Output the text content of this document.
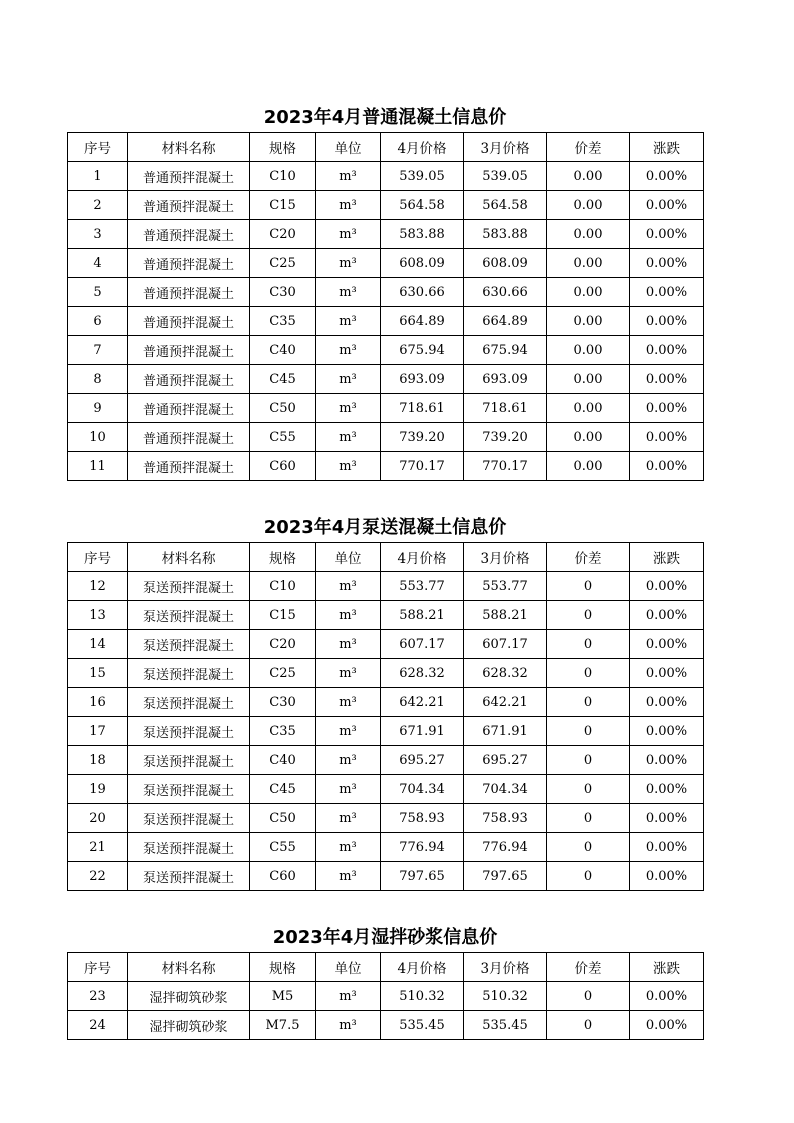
2023年4月普通混凝土信息价
序号	材料名称	规格	单位	4月价格	3月价格	价差	涨跌
1	普通预拌混凝土	C10	m³	539.05	539.05	0.00	0.00%
2	普通预拌混凝土	C15	m³	564.58	564.58	0.00	0.00%
3	普通预拌混凝土	C20	m³	583.88	583.88	0.00	0.00%
4	普通预拌混凝土	C25	m³	608.09	608.09	0.00	0.00%
5	普通预拌混凝土	C30	m³	630.66	630.66	0.00	0.00%
6	普通预拌混凝土	C35	m³	664.89	664.89	0.00	0.00%
7	普通预拌混凝土	C40	m³	675.94	675.94	0.00	0.00%
8	普通预拌混凝土	C45	m³	693.09	693.09	0.00	0.00%
9	普通预拌混凝土	C50	m³	718.61	718.61	0.00	0.00%
10	普通预拌混凝土	C55	m³	739.20	739.20	0.00	0.00%
11	普通预拌混凝土	C60	m³	770.17	770.17	0.00	0.00%
2023年4月泵送混凝土信息价
序号	材料名称	规格	单位	4月价格	3月价格	价差	涨跌
12	泵送预拌混凝土	C10	m³	553.77	553.77	0	0.00%
13	泵送预拌混凝土	C15	m³	588.21	588.21	0	0.00%
14	泵送预拌混凝土	C20	m³	607.17	607.17	0	0.00%
15	泵送预拌混凝土	C25	m³	628.32	628.32	0	0.00%
16	泵送预拌混凝土	C30	m³	642.21	642.21	0	0.00%
17	泵送预拌混凝土	C35	m³	671.91	671.91	0	0.00%
18	泵送预拌混凝土	C40	m³	695.27	695.27	0	0.00%
19	泵送预拌混凝土	C45	m³	704.34	704.34	0	0.00%
20	泵送预拌混凝土	C50	m³	758.93	758.93	0	0.00%
21	泵送预拌混凝土	C55	m³	776.94	776.94	0	0.00%
22	泵送预拌混凝土	C60	m³	797.65	797.65	0	0.00%
2023年4月湿拌砂浆信息价
序号	材料名称	规格	单位	4月价格	3月价格	价差	涨跌
23	湿拌砌筑砂浆	M5	m³	510.32	510.32	0	0.00%
24	湿拌砌筑砂浆	M7.5	m³	535.45	535.45	0	0.00%
